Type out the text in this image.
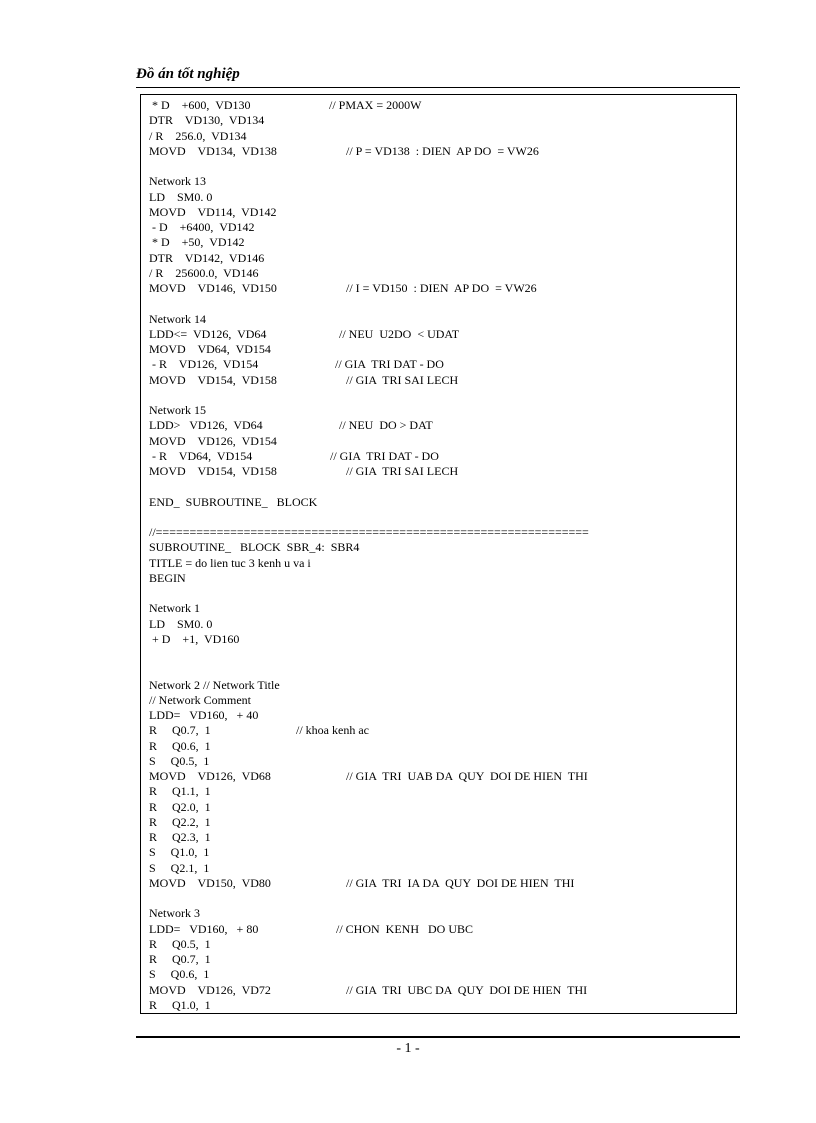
Đồ án tốt nghiệp
* D    +600,  VD130	// PMAX = 2000W
DTR    VD130,  VD134
/ R    256.0,  VD134
MOVD    VD134,  VD138	// P = VD138  : DIEN  AP DO  = VW26
Network 13
LD    SM0. 0
MOVD    VD114,  VD142
- D    +6400,  VD142
* D    +50,  VD142
DTR    VD142,  VD146
/ R    25600.0,  VD146
MOVD    VD146,  VD150	// I = VD150  : DIEN  AP DO  = VW26
Network 14
LDD<=  VD126,  VD64	// NEU  U2DO  < UDAT
MOVD    VD64,  VD154
- R    VD126,  VD154	// GIA  TRI DAT - DO
MOVD    VD154,  VD158	// GIA  TRI SAI LECH
Network 15
LDD>   VD126,  VD64	// NEU  DO > DAT
MOVD    VD126,  VD154
- R    VD64,  VD154	// GIA  TRI DAT - DO
MOVD    VD154,  VD158	// GIA  TRI SAI LECH
END_  SUBROUTINE_   BLOCK
//================================================================
SUBROUTINE_   BLOCK  SBR_4:  SBR4
TITLE = do lien tuc 3 kenh u va i
BEGIN
Network 1
LD    SM0. 0
+ D    +1,  VD160
Network 2 // Network Title
// Network Comment
LDD=   VD160,   + 40
R     Q0.7,  1	// khoa kenh ac
R     Q0.6,  1
S     Q0.5,  1
MOVD    VD126,  VD68	// GIA  TRI  UAB DA  QUY  DOI DE HIEN  THI
R     Q1.1,  1
R     Q2.0,  1
R     Q2.2,  1
R     Q2.3,  1
S     Q1.0,  1
S     Q2.1,  1
MOVD    VD150,  VD80	// GIA  TRI  IA DA  QUY  DOI DE HIEN  THI
Network 3
LDD=   VD160,   + 80	// CHON  KENH   DO UBC
R     Q0.5,  1
R     Q0.7,  1
S     Q0.6,  1
MOVD    VD126,  VD72	// GIA  TRI  UBC DA  QUY  DOI DE HIEN  THI
R     Q1.0,  1
- 1 -
